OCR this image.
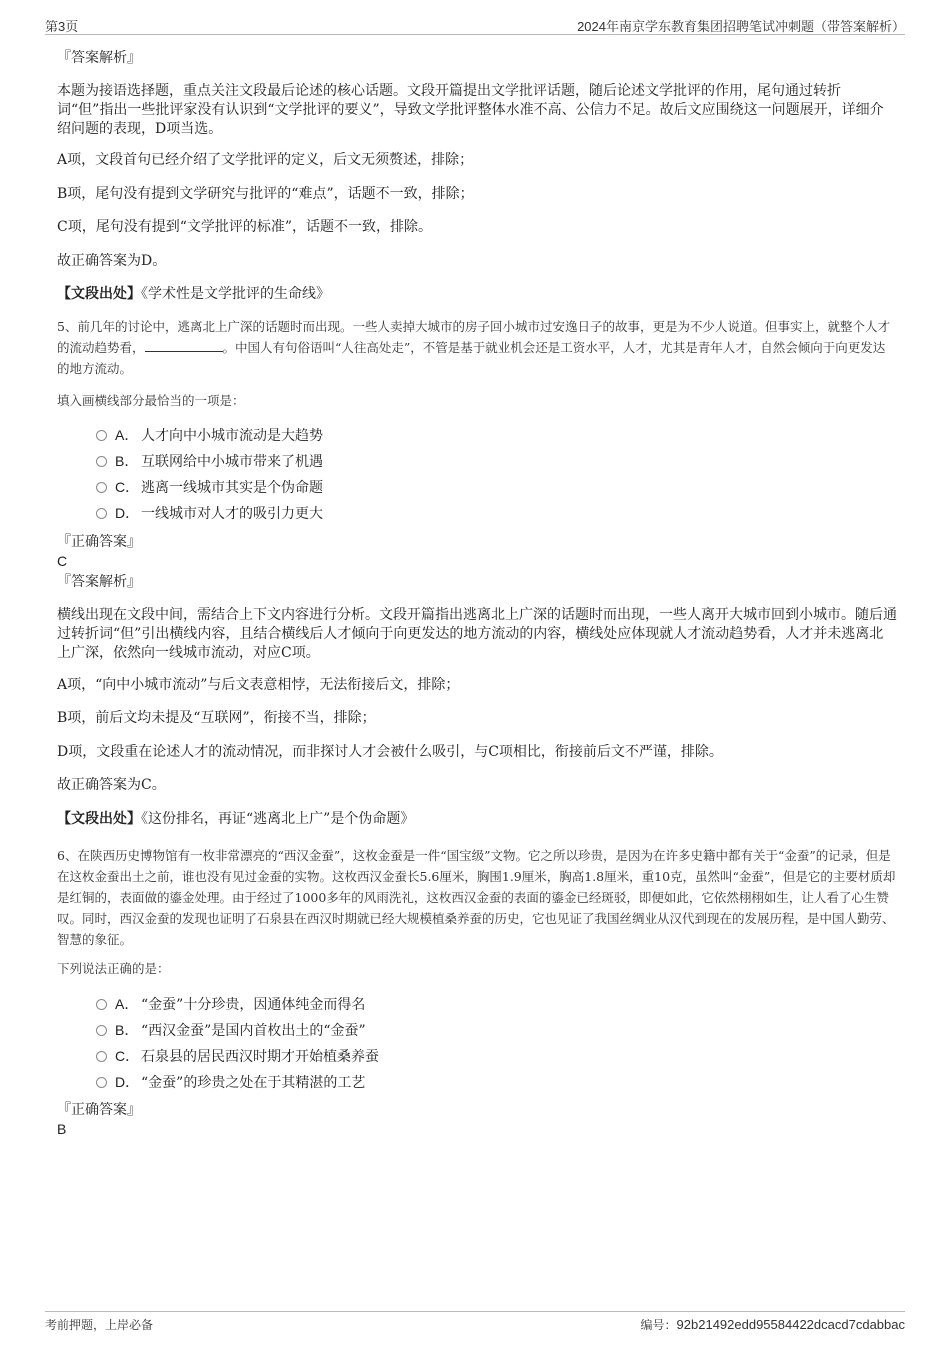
第3页	2024年南京学东教育集团招聘笔试冲刺题（带答案解析）
『答案解析』
本题为接语选择题，重点关注文段最后论述的核心话题。文段开篇提出文学批评话题，随后论述文学批评的作用，尾句通过转折词“但”指出一些批评家没有认识到“文学批评的要义”，导致文学批评整体水准不高、公信力不足。故后文应围绕这一问题展开，详细介绍问题的表现，D项当选。
A项，文段首句已经介绍了文学批评的定义，后文无须赘述，排除；
B项，尾句没有提到文学研究与批评的“难点”，话题不一致，排除；
C项，尾句没有提到“文学批评的标准”，话题不一致，排除。
故正确答案为D。
【文段出处】《学术性是文学批评的生命线》
5、前几年的讨论中，逃离北上广深的话题时而出现。一些人卖掉大城市的房子回小城市过安逸日子的故事，更是为不少人说道。但事实上，就整个人才的流动趋势看，	。中国人有句俗语叫“人往高处走”，不管是基于就业机会还是工资水平，人才，尤其是青年人才，自然会倾向于向更发达的地方流动。
填入画横线部分最恰当的一项是：
A． 人才向中小城市流动是大趋势
B． 互联网给中小城市带来了机遇
C． 逃离一线城市其实是个伪命题
D． 一线城市对人才的吸引力更大
『正确答案』
C
『答案解析』
横线出现在文段中间，需结合上下文内容进行分析。文段开篇指出逃离北上广深的话题时而出现，一些人离开大城市回到小城市。随后通过转折词“但”引出横线内容，且结合横线后人才倾向于向更发达的地方流动的内容，横线处应体现就人才流动趋势看，人才并未逃离北上广深，依然向一线城市流动，对应C项。
A项，“向中小城市流动”与后文表意相悖，无法衔接后文，排除；
B项，前后文均未提及“互联网”，衔接不当，排除；
D项，文段重在论述人才的流动情况，而非探讨人才会被什么吸引，与C项相比，衔接前后文不严谨，排除。
故正确答案为C。
【文段出处】《这份排名，再证“逃离北上广”是个伪命题》
6、在陕西历史博物馆有一枚非常漂亮的“西汉金蚕”，这枚金蚕是一件“国宝级”文物。它之所以珍贵，是因为在许多史籍中都有关于“金蚕”的记录，但是在这枚金蚕出土之前，谁也没有见过金蚕的实物。这枚西汉金蚕长5.6厘米，胸围1.9厘米，胸高1.8厘米，重10克，虽然叫“金蚕”，但是它的主要材质却是红铜的，表面做的鎏金处理。由于经过了1000多年的风雨洗礼，这枚西汉金蚕的表面的鎏金已经斑驳，即便如此，它依然栩栩如生，让人看了心生赞叹。同时，西汉金蚕的发现也证明了石泉县在西汉时期就已经大规模植桑养蚕的历史，它也见证了我国丝绸业从汉代到现在的发展历程，是中国人勤劳、智慧的象征。
下列说法正确的是：
A． “金蚕”十分珍贵，因通体纯金而得名
B． “西汉金蚕”是国内首枚出土的“金蚕”
C． 石泉县的居民西汉时期才开始植桑养蚕
D． “金蚕”的珍贵之处在于其精湛的工艺
『正确答案』
B
考前押题，上岸必备	编号：92b21492edd95584422dcacd7cdabbac
